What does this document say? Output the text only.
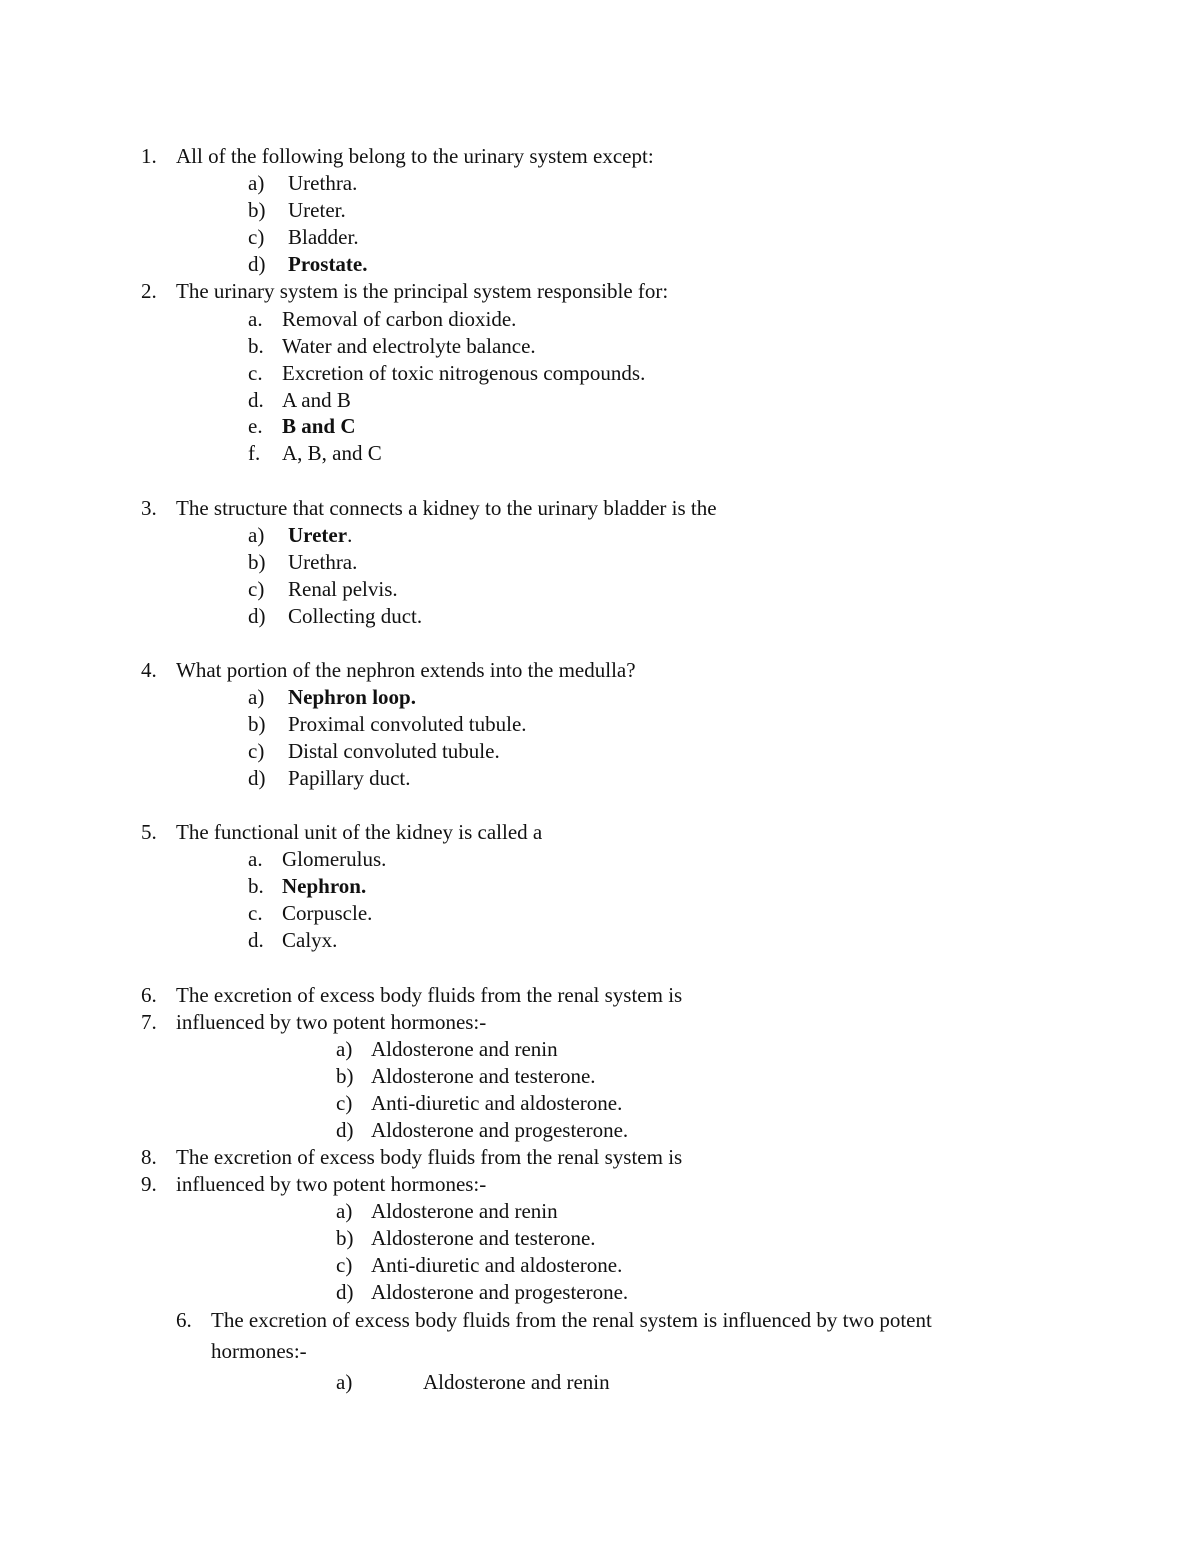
1. All of the following belong to the urinary system except:
a) Urethra.
b) Ureter.
c) Bladder.
d) Prostate.
2. The urinary system is the principal system responsible for:
a. Removal of carbon dioxide.
b. Water and electrolyte balance.
c. Excretion of toxic nitrogenous compounds.
d. A and B
e. B and C
f. A, B, and C
3. The structure that connects a kidney to the urinary bladder is the
a) Ureter.
b) Urethra.
c) Renal pelvis.
d) Collecting duct.
4. What portion of the nephron extends into the medulla?
a) Nephron loop.
b) Proximal convoluted tubule.
c) Distal convoluted tubule.
d) Papillary duct.
5. The functional unit of the kidney is called a
a. Glomerulus.
b. Nephron.
c. Corpuscle.
d. Calyx.
6. The excretion of excess body fluids from the renal system is
7. influenced by two potent hormones:-
a) Aldosterone and renin
b) Aldosterone and testerone.
c) Anti-diuretic and aldosterone.
d) Aldosterone and progesterone.
8. The excretion of excess body fluids from the renal system is
9. influenced by two potent hormones:-
a) Aldosterone and renin
b) Aldosterone and testerone.
c) Anti-diuretic and aldosterone.
d) Aldosterone and progesterone.
6. The excretion of excess body fluids from the renal system is influenced by two potent
hormones:-
a)	Aldosterone and renin
